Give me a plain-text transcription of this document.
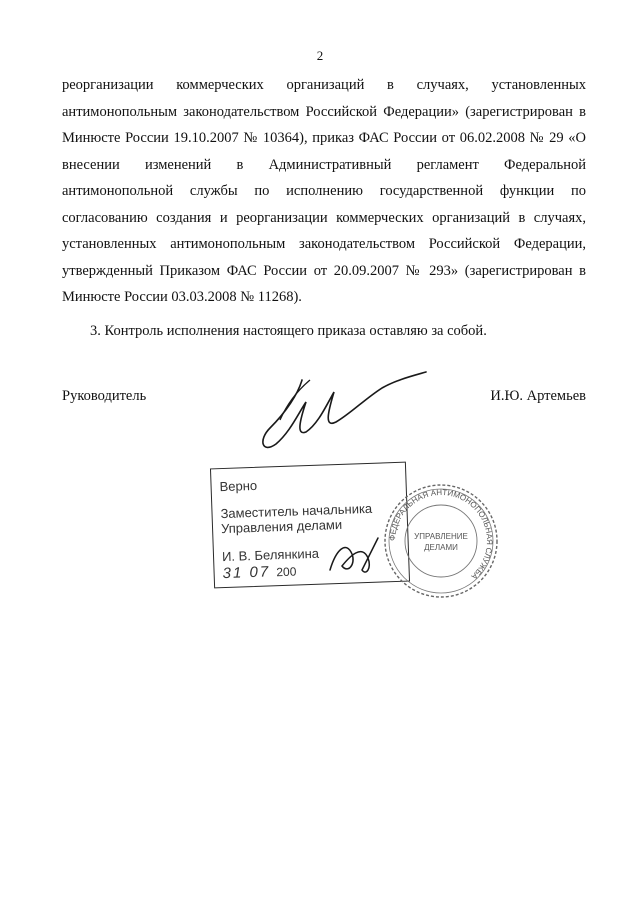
2

реорганизации коммерческих организаций в случаях, установленных антимонопольным законодательством Российской Федерации» (зарегистрирован в Минюсте России 19.10.2007 № 10364), приказ ФАС России от 06.02.2008 № 29 «О внесении изменений в Административный регламент Федеральной антимонопольной службы по исполнению государственной функции по согласованию создания и реорганизации коммерческих организаций в случаях, установленных антимонопольным законодательством Российской Федерации, утвержденный Приказом ФАС России от 20.09.2007 № 293» (зарегистрирован в Минюсте России 03.03.2008 № 11268).

3. Контроль исполнения настоящего приказа оставляю за собой.

Руководитель	И.Ю. Артемьев
Верно
Заместитель начальника
Управления делами
И. В. Белянкина
31 07 200
ФЕДЕРАЛЬНАЯ АНТИМОНОПОЛЬНАЯ СЛУЖБА
УПРАВЛЕНИЕ
ДЕЛАМИ
